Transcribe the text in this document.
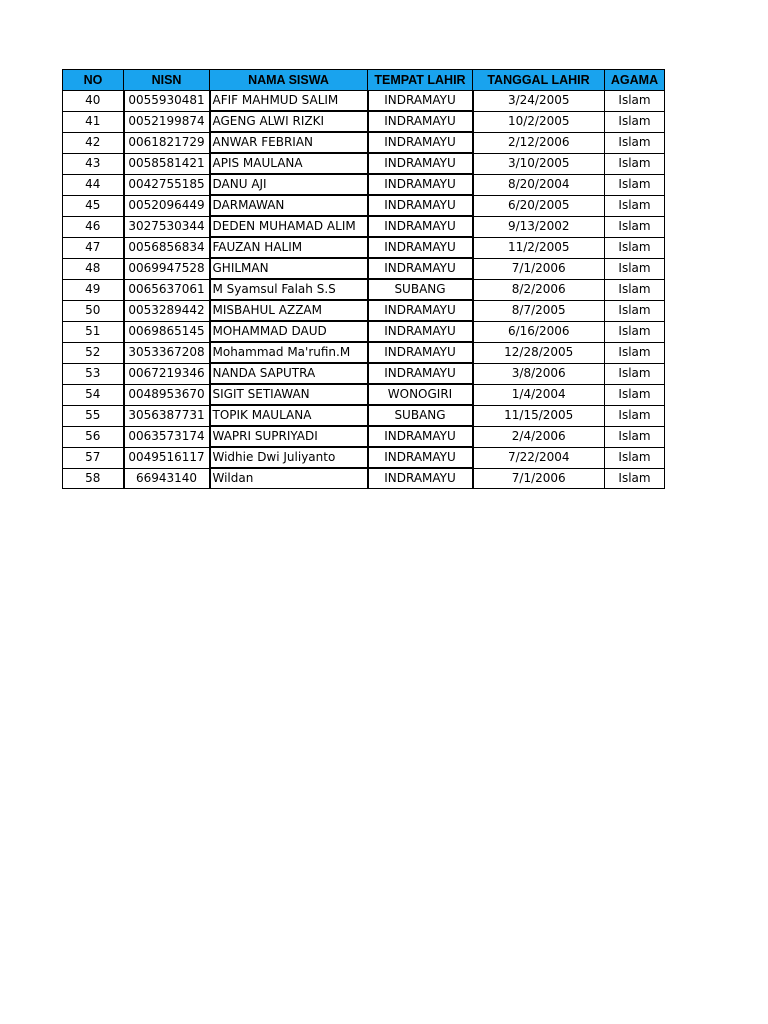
NO	NISN	NAMA SISWA	TEMPAT LAHIR	TANGGAL LAHIR	AGAMA
40	0055930481	AFIF MAHMUD SALIM	INDRAMAYU	3/24/2005	Islam
41	0052199874	AGENG ALWI RIZKI	INDRAMAYU	10/2/2005	Islam
42	0061821729	ANWAR FEBRIAN	INDRAMAYU	2/12/2006	Islam
43	0058581421	APIS MAULANA	INDRAMAYU	3/10/2005	Islam
44	0042755185	DANU AJI	INDRAMAYU	8/20/2004	Islam
45	0052096449	DARMAWAN	INDRAMAYU	6/20/2005	Islam
46	3027530344	DEDEN MUHAMAD ALIM	INDRAMAYU	9/13/2002	Islam
47	0056856834	FAUZAN HALIM	INDRAMAYU	11/2/2005	Islam
48	0069947528	GHILMAN	INDRAMAYU	7/1/2006	Islam
49	0065637061	M Syamsul Falah S.S	SUBANG	8/2/2006	Islam
50	0053289442	MISBAHUL AZZAM	INDRAMAYU	8/7/2005	Islam
51	0069865145	MOHAMMAD DAUD	INDRAMAYU	6/16/2006	Islam
52	3053367208	Mohammad Ma'rufin.M	INDRAMAYU	12/28/2005	Islam
53	0067219346	NANDA SAPUTRA	INDRAMAYU	3/8/2006	Islam
54	0048953670	SIGIT SETIAWAN	WONOGIRI	1/4/2004	Islam
55	3056387731	TOPIK MAULANA	SUBANG	11/15/2005	Islam
56	0063573174	WAPRI SUPRIYADI	INDRAMAYU	2/4/2006	Islam
57	0049516117	Widhie Dwi Juliyanto	INDRAMAYU	7/22/2004	Islam
58	66943140	Wildan	INDRAMAYU	7/1/2006	Islam
